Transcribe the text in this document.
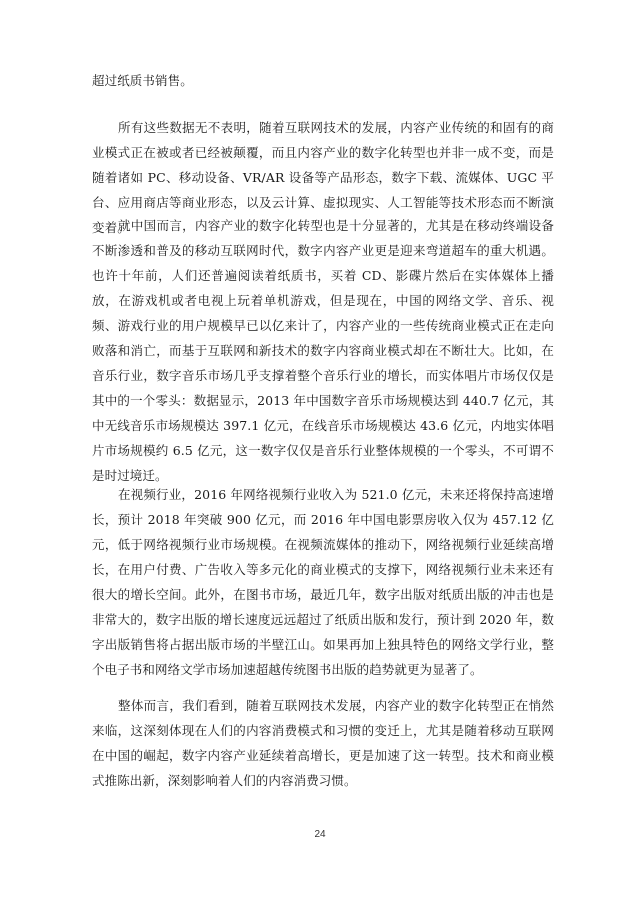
超过纸质书销售。

所有这些数据无不表明，随着互联网技术的发展，内容产业传统的和固有的商业模式正在被或者已经被颠覆，而且内容产业的数字化转型也并非一成不变，而是随着诸如 PC、移动设备、VR/AR 设备等产品形态，数字下载、流媒体、UGC 平台、应用商店等商业形态，以及云计算、虚拟现实、人工智能等技术形态而不断演变着。

就中国而言，内容产业的数字化转型也是十分显著的，尤其是在移动终端设备不断渗透和普及的移动互联网时代，数字内容产业更是迎来弯道超车的重大机遇。也许十年前，人们还普遍阅读着纸质书，买着 CD、影碟片然后在实体媒体上播放，在游戏机或者电视上玩着单机游戏，但是现在，中国的网络文学、音乐、视频、游戏行业的用户规模早已以亿来计了，内容产业的一些传统商业模式正在走向败落和消亡，而基于互联网和新技术的数字内容商业模式却在不断壮大。比如，在音乐行业，数字音乐市场几乎支撑着整个音乐行业的增长，而实体唱片市场仅仅是其中的一个零头：数据显示，2013 年中国数字音乐市场规模达到 440.7 亿元，其中无线音乐市场规模达 397.1 亿元，在线音乐市场规模达 43.6 亿元，内地实体唱片市场规模约 6.5 亿元，这一数字仅仅是音乐行业整体规模的一个零头，不可谓不是时过境迁。

在视频行业，2016 年网络视频行业收入为 521.0 亿元，未来还将保持高速增长，预计 2018 年突破 900 亿元，而 2016 年中国电影票房收入仅为 457.12 亿元，低于网络视频行业市场规模。在视频流媒体的推动下，网络视频行业延续高增长，在用户付费、广告收入等多元化的商业模式的支撑下，网络视频行业未来还有很大的增长空间。此外，在图书市场，最近几年，数字出版对纸质出版的冲击也是非常大的，数字出版的增长速度远远超过了纸质出版和发行，预计到 2020 年，数字出版销售将占据出版市场的半壁江山。如果再加上独具特色的网络文学行业，整个电子书和网络文学市场加速超越传统图书出版的趋势就更为显著了。

整体而言，我们看到，随着互联网技术发展，内容产业的数字化转型正在悄然来临，这深刻体现在人们的内容消费模式和习惯的变迁上，尤其是随着移动互联网在中国的崛起，数字内容产业延续着高增长，更是加速了这一转型。技术和商业模式推陈出新，深刻影响着人们的内容消费习惯。

24
